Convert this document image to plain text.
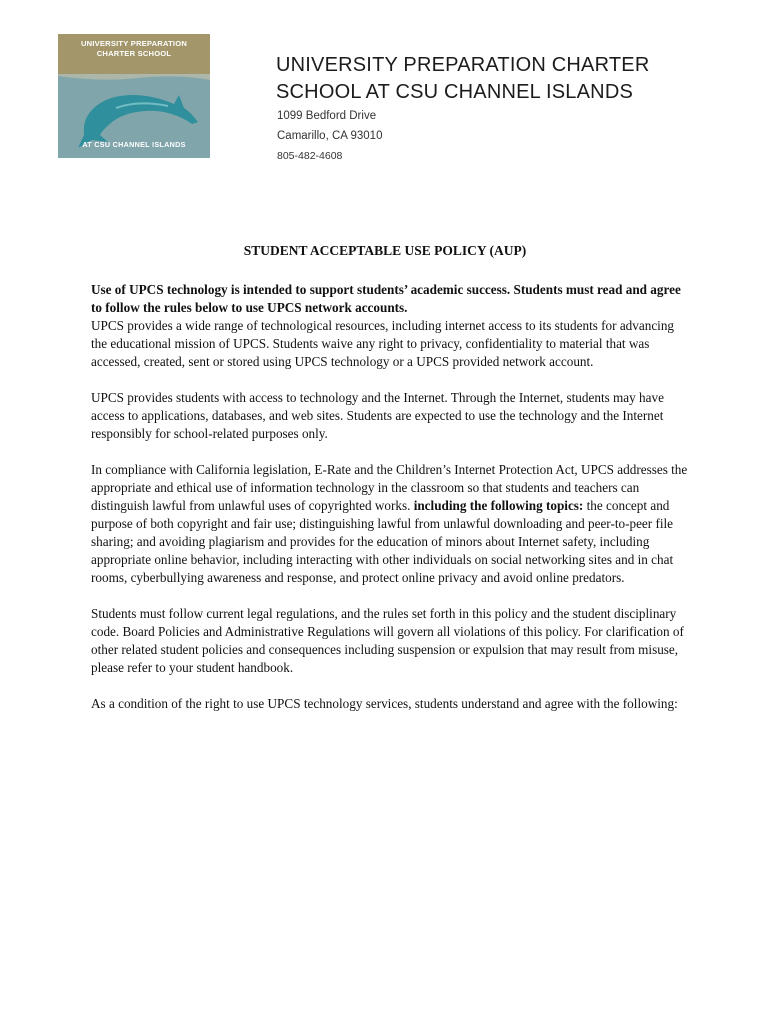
UNIVERSITY PREPARATION
CHARTER SCHOOL
AT CSU CHANNEL ISLANDS
UNIVERSITY PREPARATION CHARTER
SCHOOL AT CSU CHANNEL ISLANDS
1099 Bedford Drive
Camarillo, CA 93010
805-482-4608
STUDENT ACCEPTABLE USE POLICY (AUP)

Use of UPCS technology is intended to support students’ academic success. Students must read and agree to follow the rules below to use UPCS network accounts.
UPCS provides a wide range of technological resources, including internet access to its students for advancing the educational mission of UPCS. Students waive any right to privacy, confidentiality to material that was accessed, created, sent or stored using UPCS technology or a UPCS provided network account.

UPCS provides students with access to technology and the Internet. Through the Internet, students may have access to applications, databases, and web sites. Students are expected to use the technology and the Internet responsibly for school-related purposes only.

In compliance with California legislation, E-Rate and the Children’s Internet Protection Act, UPCS addresses the appropriate and ethical use of information technology in the classroom so that students and teachers can distinguish lawful from unlawful uses of copyrighted works. including the following topics: the concept and purpose of both copyright and fair use; distinguishing lawful from unlawful downloading and peer-to-peer file sharing; and avoiding plagiarism and provides for the education of minors about Internet safety, including appropriate online behavior, including interacting with other individuals on social networking sites and in chat rooms, cyberbullying awareness and response, and protect online privacy and avoid online predators.

Students must follow current legal regulations, and the rules set forth in this policy and the student disciplinary code. Board Policies and Administrative Regulations will govern all violations of this policy. For clarification of other related student policies and consequences including suspension or expulsion that may result from misuse, please refer to your student handbook.

As a condition of the right to use UPCS technology services, students understand and agree with the following:
